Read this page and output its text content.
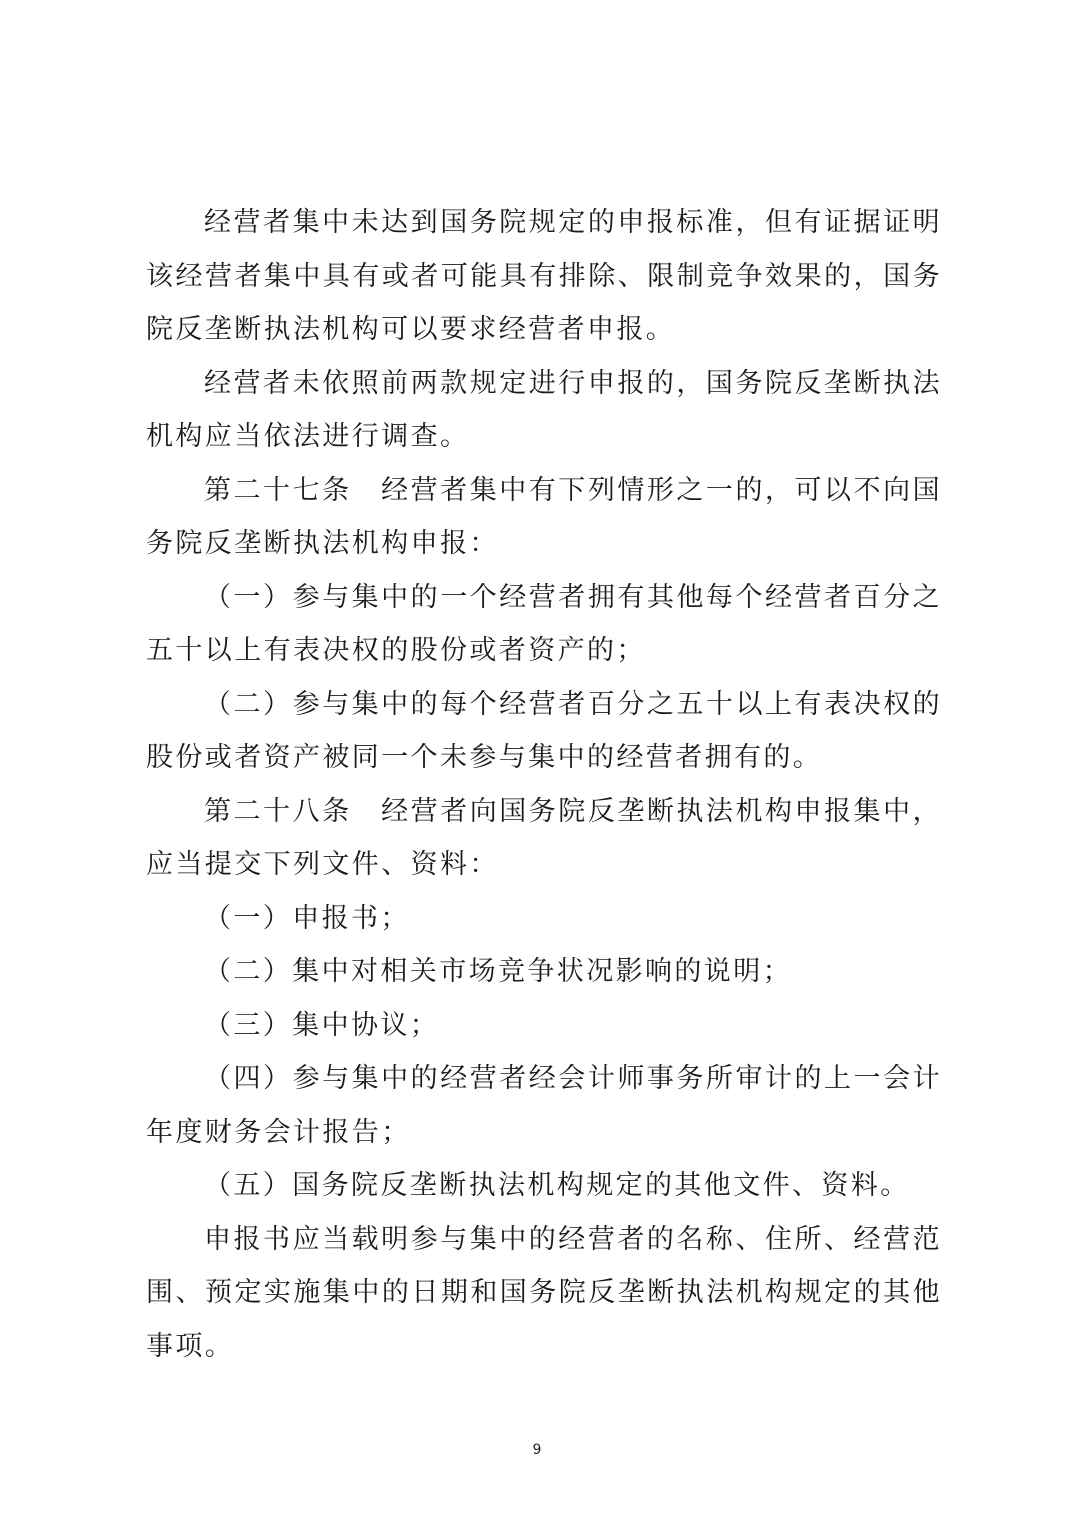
经营者集中未达到国务院规定的申报标准，但有证据证明该经营者集中具有或者可能具有排除、限制竞争效果的，国务院反垄断执法机构可以要求经营者申报。

经营者未依照前两款规定进行申报的，国务院反垄断执法机构应当依法进行调查。

第二十七条　经营者集中有下列情形之一的，可以不向国务院反垄断执法机构申报：

（一）参与集中的一个经营者拥有其他每个经营者百分之五十以上有表决权的股份或者资产的；

（二）参与集中的每个经营者百分之五十以上有表决权的股份或者资产被同一个未参与集中的经营者拥有的。

第二十八条　经营者向国务院反垄断执法机构申报集中，应当提交下列文件、资料：

（一）申报书；

（二）集中对相关市场竞争状况影响的说明；

（三）集中协议；

（四）参与集中的经营者经会计师事务所审计的上一会计年度财务会计报告；

（五）国务院反垄断执法机构规定的其他文件、资料。

申报书应当载明参与集中的经营者的名称、住所、经营范围、预定实施集中的日期和国务院反垄断执法机构规定的其他事项。

9
